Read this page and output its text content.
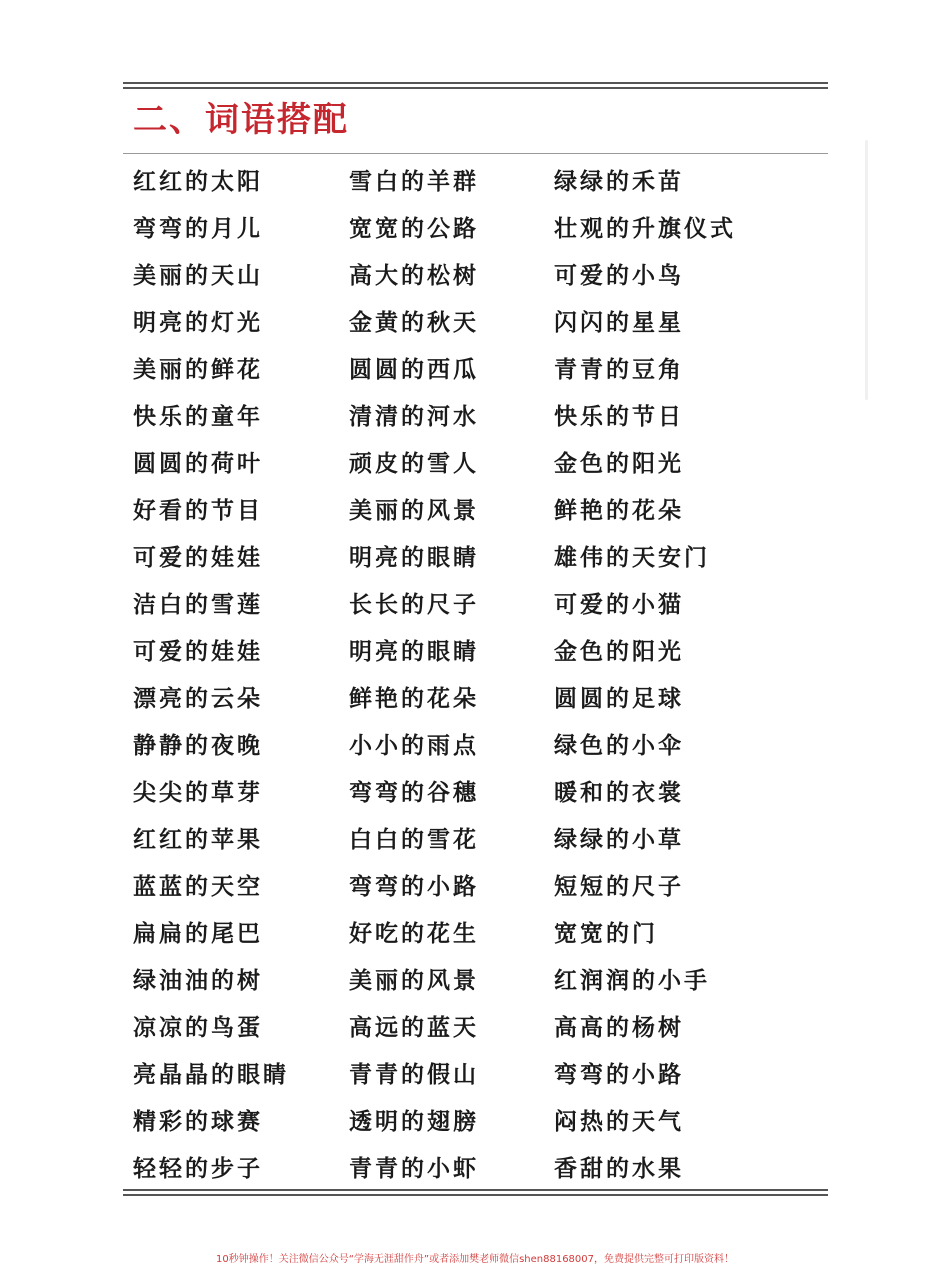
二、词语搭配
红红的太阳	雪白的羊群	绿绿的禾苗
弯弯的月儿	宽宽的公路	壮观的升旗仪式
美丽的天山	高大的松树	可爱的小鸟
明亮的灯光	金黄的秋天	闪闪的星星
美丽的鲜花	圆圆的西瓜	青青的豆角
快乐的童年	清清的河水	快乐的节日
圆圆的荷叶	顽皮的雪人	金色的阳光
好看的节目	美丽的风景	鲜艳的花朵
可爱的娃娃	明亮的眼睛	雄伟的天安门
洁白的雪莲	长长的尺子	可爱的小猫
可爱的娃娃	明亮的眼睛	金色的阳光
漂亮的云朵	鲜艳的花朵	圆圆的足球
静静的夜晚	小小的雨点	绿色的小伞
尖尖的草芽	弯弯的谷穗	暖和的衣裳
红红的苹果	白白的雪花	绿绿的小草
蓝蓝的天空	弯弯的小路	短短的尺子
扁扁的尾巴	好吃的花生	宽宽的门
绿油油的树	美丽的风景	红润润的小手
凉凉的鸟蛋	高远的蓝天	高高的杨树
亮晶晶的眼睛	青青的假山	弯弯的小路
精彩的球赛	透明的翅膀	闷热的天气
轻轻的步子	青青的小虾	香甜的水果
10秒钟操作！关注微信公众号“学海无涯甜作舟”或者添加樊老师微信shen88168007，免费提供完整可打印版资料！
